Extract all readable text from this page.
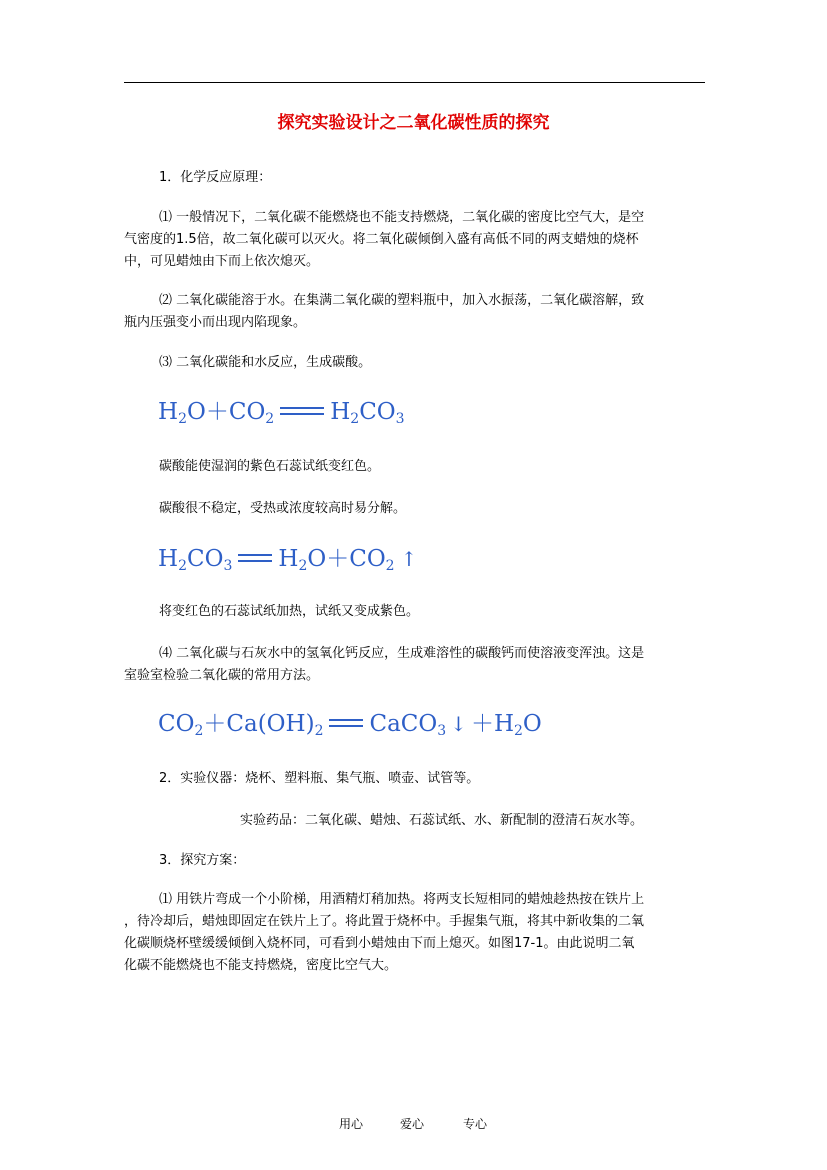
探究实验设计之二氧化碳性质的探究
1．化学反应原理：
⑴ 一般情况下，二氧化碳不能燃烧也不能支持燃烧，二氧化碳的密度比空气大，是空
气密度的1.5倍，故二氧化碳可以灭火。将二氧化碳倾倒入盛有高低不同的两支蜡烛的烧杯
中，可见蜡烛由下而上依次熄灭。
⑵ 二氧化碳能溶于水。在集满二氧化碳的塑料瓶中，加入水振荡，二氧化碳溶解，致
瓶内压强变小而出现内陷现象。
⑶ 二氧化碳能和水反应，生成碳酸。
$H_2O+CO_2$ $H_2CO_3$
碳酸能使湿润的紫色石蕊试纸变红色。
碳酸很不稳定，受热或浓度较高时易分解。
$H_2CO_3$ $H_2O+CO_2$ ↑
将变红色的石蕊试纸加热，试纸又变成紫色。
⑷ 二氧化碳与石灰水中的氢氧化钙反应，生成难溶性的碳酸钙而使溶液变浑浊。这是
室验室检验二氧化碳的常用方法。
$CO_2+Ca(OH)_2$ CaCO$_3$ ↓ $+H_2O$
2．实验仪器：烧杯、塑料瓶、集气瓶、喷壶、试管等。
实验药品：二氧化碳、蜡烛、石蕊试纸、水、新配制的澄清石灰水等。
3．探究方案：
⑴ 用铁片弯成一个小阶梯，用酒精灯稍加热。将两支长短相同的蜡烛趁热按在铁片上
，待冷却后，蜡烛即固定在铁片上了。将此置于烧杯中。手握集气瓶，将其中新收集的二氧
化碳顺烧杯壁缓缓倾倒入烧杯同，可看到小蜡烛由下而上熄灭。如图17-1。由此说明二氧
化碳不能燃烧也不能支持燃烧，密度比空气大。
用心	爱心	专心
